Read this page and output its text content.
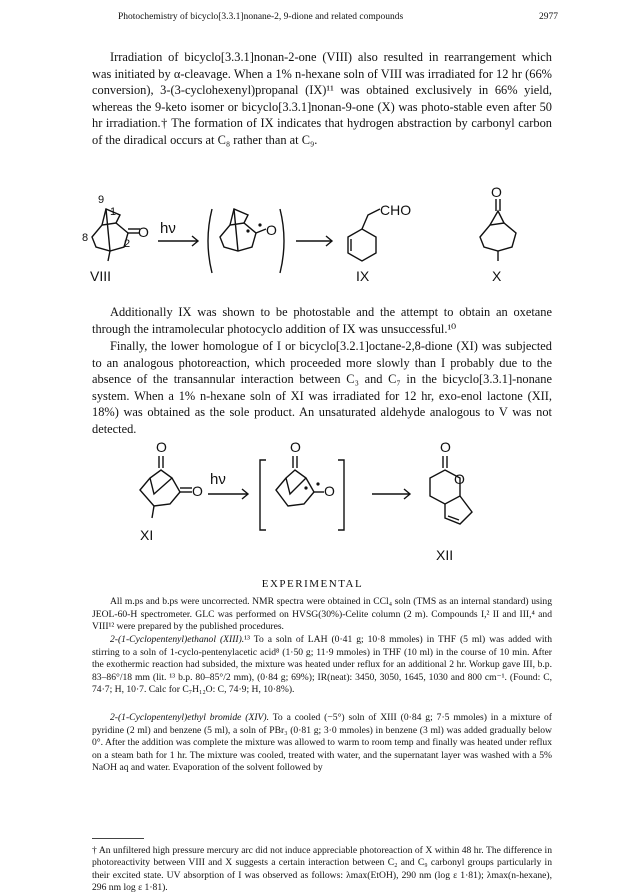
Photochemistry of bicyclo[3.3.1]nonane-2, 9-dione and related compounds	2977

Irradiation of bicyclo[3.3.1]nonan-2-one (VIII) also resulted in rearrangement which was initiated by α-cleavage. When a 1% n-hexane soln of VIII was irradiated for 12 hr (66% conversion), 3-(3-cyclohexenyl)propanal (IX)¹¹ was obtained exclusively in 66% yield, whereas the 9-keto isomer or bicyclo[3.3.1]nonan-9-one (X) was photo-stable even after 50 hr irradiation.† The formation of IX indicates that hydrogen abstraction by carbonyl carbon of the diradical occurs at C₈ rather than at C₉.

9
1
8	2
O
VIII
hν	O
CHO
IX
O
X

Additionally IX was shown to be photostable and the attempt to obtain an oxetane through the intramolecular photocyclo addition of IX was unsuccessful.¹⁰

Finally, the lower homologue of I or bicyclo[3.2.1]octane-2,8-dione (XI) was subjected to an analogous photoreaction, which proceeded more slowly than I probably due to the absence of the transannular interaction between C₃ and C₇ in the bicyclo[3.3.1]-nonane system. When a 1% n-hexane soln of XI was irradiated for 12 hr, exo-enol lactone (XII, 18%) was obtained as the sole product. An unsaturated aldehyde analogous to V was not detected.

O
O
XI
hν
O
O
O
O
XII

EXPERIMENTAL

All m.ps and b.ps were uncorrected. NMR spectra were obtained in CCl₄ soln (TMS as an internal standard) using JEOL-60-H spectrometer. GLC was performed on HVSG(30%)-Celite column (2 m). Compounds I,² II and III,⁴ and VIII¹² were prepared by the published procedures.

2-(1-Cyclopentenyl)ethanol (XIII).¹³ To a soln of LAH (0·41 g; 10·8 mmoles) in THF (5 ml) was added with stirring to a soln of 1-cyclo-pentenylacetic acid⁸ (1·50 g; 11·9 mmoles) in THF (10 ml) in the course of 10 min. After the exothermic reaction had subsided, the mixture was heated under reflux for an additional 2 hr. Workup gave III, b.p. 83–86°/18 mm (lit. ¹³ b.p. 80–85°/2 mm), (0·84 g; 69%); IR(neat): 3450, 3050, 1645, 1030 and 800 cm⁻¹. (Found: C, 74·7; H, 10·7. Calc for C₇H₁₂O: C, 74·9; H, 10·8%).

2-(1-Cyclopentenyl)ethyl bromide (XIV). To a cooled (−5°) soln of XIII (0·84 g; 7·5 mmoles) in a mixture of pyridine (2 ml) and benzene (5 ml), a soln of PBr₃ (0·81 g; 3·0 mmoles) in benzene (3 ml) was added gradually below 0°. After the addition was complete the mixture was allowed to warm to room temp and finally was heated under reflux on a steam bath for 1 hr. The mixture was cooled, treated with water, and the supernatant layer was washed with a 5% NaOH aq and water. Evaporation of the solvent followed by

† An unfiltered high pressure mercury arc did not induce appreciable photoreaction of X within 48 hr. The difference in photoreactivity between VIII and X suggests a certain interaction between C₂ and C₉ carbonyl groups particularly in their excited state. UV absorption of I was observed as follows: λmax(EtOH), 290 nm (log ε 1·81); λmax(n-hexane), 296 nm log ε 1·81).
